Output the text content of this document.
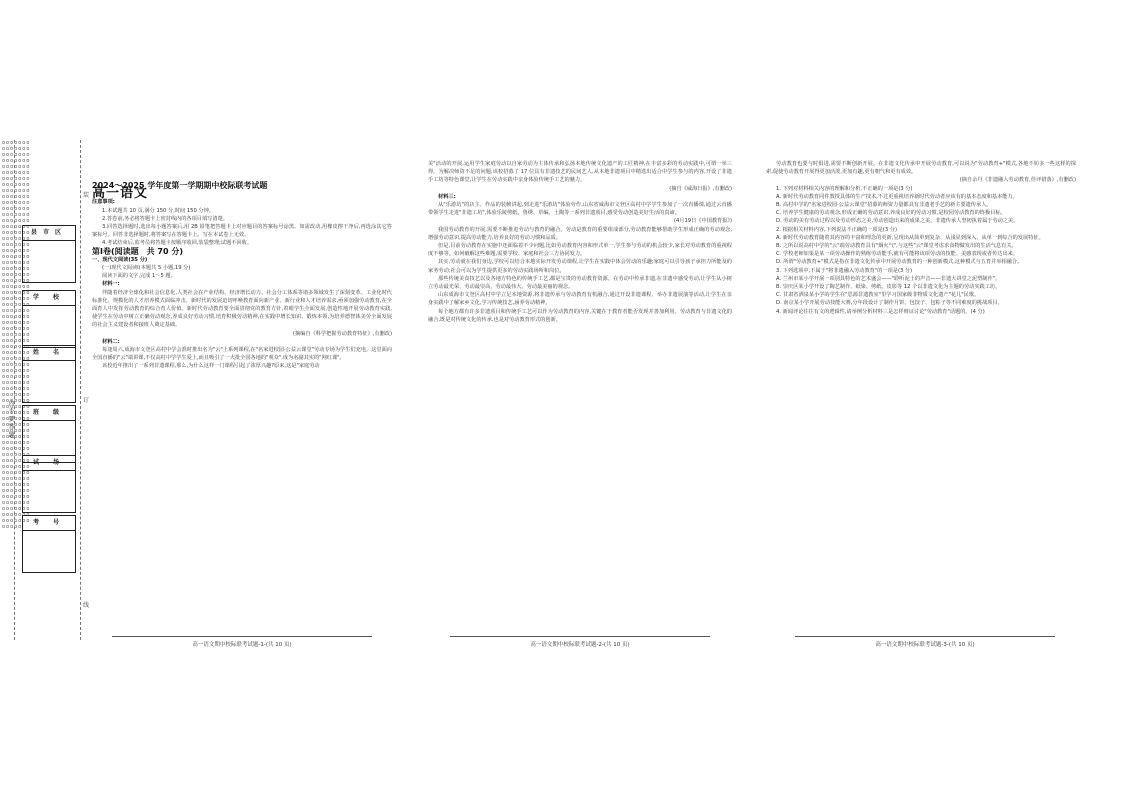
ooooooooooooooooooooooooooooooooooooooooooooooooooooooooooooooooooooooooooooooooooooooooooooooooooooooooooooooooooooooooooooooooooooooooooooooooooooooooooooooooooooooooooooooooooooooooooooooooooooooooooooooooooooooooooooooooooooooooooooooooooooooooooooooooooooooooooooooooooooooooooooooooooooooooooooooooooooooooooooooooooooooooooooooooooooooooooooooooooooooooooooooooooooooooooooooooooooooooooooooooooooooooooooooooooooooooooooooooooooooooooooooooooooo
内 不 要 答 题
县市区
学 校
姓 名
班 级
试 场
考 号
装
订
线

2024～2025 学年度第一学期期中校际联考试题

高一语文

注意事项:

1.本试题共 10 页,满分 150 分,时间 150 分钟。

2.答卷前,务必将答题卡上密封线内的各项目填写清楚。

3.回答选择题时,选出每小题答案后,用 2B 铅笔把答题卡上对应题目的答案标号涂黑。如需改动,用橡皮擦干净后,再选涂其它答案标号。回答非选择题时,将答案写在答题卡上。写在本试卷上无效。

4.考试结束后,监考员将答题卡按顺序收回,装袋整理;试题不回收。

第Ⅰ卷(阅读题　共 70 分)

一、现代文阅读(35 分)

(一)现代文阅读Ⅰ(本题共 5 小题,19 分)

阅读下面的文字,完成 1～5 题。

材料一:

伴随着经济全球化和社会信息化,人类社会在产业结构、经济增长动力、社会分工体系等诸多领域发生了深刻变革。工业化时代标准化、规模化的人才培养模式面临冲击。新时代的发展迫切呼唤教育面向新产业、新行业和人才培养需求,亟须加强劳动教育,在全面育人中发挥劳动教育的综合育人价值。新时代劳动教育要全面贯彻党的教育方针,着眼学生全面发展,创造性地开展劳动教育实践,使学生在劳动中树立正确劳动观念,养成良好劳动习惯,培育积极劳动精神,在实践中增长知识、锻炼本领,为培养德智体美劳全面发展的社会主义建设者和接班人奠定基础。

(摘编自《科学把握劳动教育特征》,有删改)

材料二:

每逢周六,成海市文登区高村中学会准时推出名为"云"上系列课程,在"名家进校园·公益云课堂"劳动专场为学生们充电。这堂面向全国直播的"云"端讲课,不仅高村中学学生爱上,而且吸引了一大批全国各地的"观众",成为名副其实的"网红课"。

该校近年推出了一系列非遗课程,那么,为什么这样一门课程引起了浓厚兴趣?原来,这是"家庭劳动

高一语文期中校际联考试题-1-(共 10 页)

美"活动的开展,运用学生家庭劳动以自家劳动为主体传承和弘扬本地传统文化遗产的工匠精神,在丰富多彩的劳动实践中,可谓一举三得。为解决师资不足的问题,该校招募了 17 位具有非遗技艺的民间艺人,从本地非遗项目中精选出适合中学生参与的内容,开设了非遗手工坊等特色课堂,让学生在劳动实践中亲身体验传统手工艺的魅力。

(摘自《威海日报》,有删改)

材料三:

从"乐游坊"的店主、作品的装帧讲起,到走进"乐游坊"体验劳作,山东省威海市文登区高村中学学生参加了一次直播课,通过云直播带领学生走进"非遗工坊",体验乐陵剪纸、鲁绣、草编、土陶等一系列非遗项目,感受劳动创造美好生活的真谛。

(4月19日《中国教育报》)

我国劳动教育的开展,需要不断推进劳动与教育的融合。劳动是教育的重要组成部分,劳动教育能够帮助学生形成正确的劳动观念,增强劳动意识,提高劳动能力,培养良好的劳动习惯和品质。

但是,目前劳动教育在实施中还面临着不少问题,比如劳动教育内容和形式单一,学生参与劳动的机会较少,家长对劳动教育的重视程度不够等。如何破解这些难题,需要学校、家庭和社会三方协同发力。

其实,劳动就在我们身边,学校可以结合本地实际开发劳动课程,让学生在实践中体会劳动的乐趣;家庭可以引导孩子承担力所能及的家务劳动;社会可以为学生提供更多的劳动实践场所和岗位。

那些传统美食技艺以及各地方特色的传统手工艺,都是宝贵的劳动教育资源。在劳动中传承非遗,在非遗中感受劳动,让学生从小树立劳动最光荣、劳动最崇高、劳动最伟大、劳动最美丽的观念。

山东成海市文登区高村中学立足本地资源,将非遗传承与劳动教育有机融合,通过开设非遗课程、举办非遗展演等活动,让学生在亲身实践中了解家乡文化,学习传统技艺,涵养劳动精神。

每个地方都有许多非遗项目和传统手工艺可以作为劳动教育的内容,关键在于教育者能否发现并善加利用。劳动教育与非遗文化的融合,既是对传统文化的传承,也是对劳动教育形式的创新。

高一语文期中校际联考试题-2-(共 10 页)

劳动教育也要与时俱进,需要不断创新开展。在非遗文化传承中开展劳动教育,可以说为"劳动教育+"模式,各地不妨多一些这样的探索,促使劳动教育开展得更加活泼,更加有趣,更有朝气和更有成效。

(摘自余丹《非遗融入劳动教育,佳评错落》,有删改)

1. 下列对材料相关内容的理解和分析,不正确的一项是(3 分)

A. 新时代劳动教育同件教授具体的生产技术,不过更重视培养新时代劳动者应该有的基本态度和基本能力。

B. 高村中学的"名家进校园·公益云课堂"招募的师资力量都具有非遗老手艺的新主要遗传承人。

C. 培养学生健康的劳动观念,形成正确的劳动意识,养成良好的劳动习惯,是校园劳动教育的终极目标。

D. 劳动的美有劳动过程以及劳动形态之美,劳动创造出来的成果之美。非遗传承人坚韧执着属于劳动之美。

2. 根据相关材料内容,下列说法不正确的一项是(3 分)

A. 新时代劳动教育随着其内容的丰富和理念的更新,呈现出从简单到复杂、从浅显到深入、从单一到综合的发展特征。

B. 之所以说高村中学的"云"端劳动教育具有"烟火气",与这些"云"课堂考虑求食物做发出的生活气息有关。

C. 学校老师如果是某一项劳动操作的熟练劳动能手,就有可能将该项劳动的技能、美感表现或者传达出来。

D. 所谓"劳动教育+"模式是指在非遗文化传承中开展劳动教育的一种创新模式,这种模式与五育并举相融合。

3. 下列选项中,不属于"将非遗融入劳动教育"的一项是(3 分)

A. 兰州市某小学开展一项别具特色的艺术盛会——"聆听泥土的声音——非遗大讲堂之泥塑制作"。

B. 崇庆区某小学开设了陶艺制作、纸染、剪纸、皮影等 12 个以非遗文化为主题的劳动实践工坊。

C. 甘肃省酒泉某小学的学生在"思源非遗教室"里学习国家级非物质文化遗产"花儿"民歌。

D. 南京某小学开展劳动技能大赛,分年段设计了制作月饼、包饺子、包粽子等不同难度的挑战项目。

4. 新闻评论往往有文的逻辑性,请举例分析材料三是怎样辩证讨论"劳动教育"话题的。(4 分)

高一语文期中校际联考试题-3-(共 10 页)
